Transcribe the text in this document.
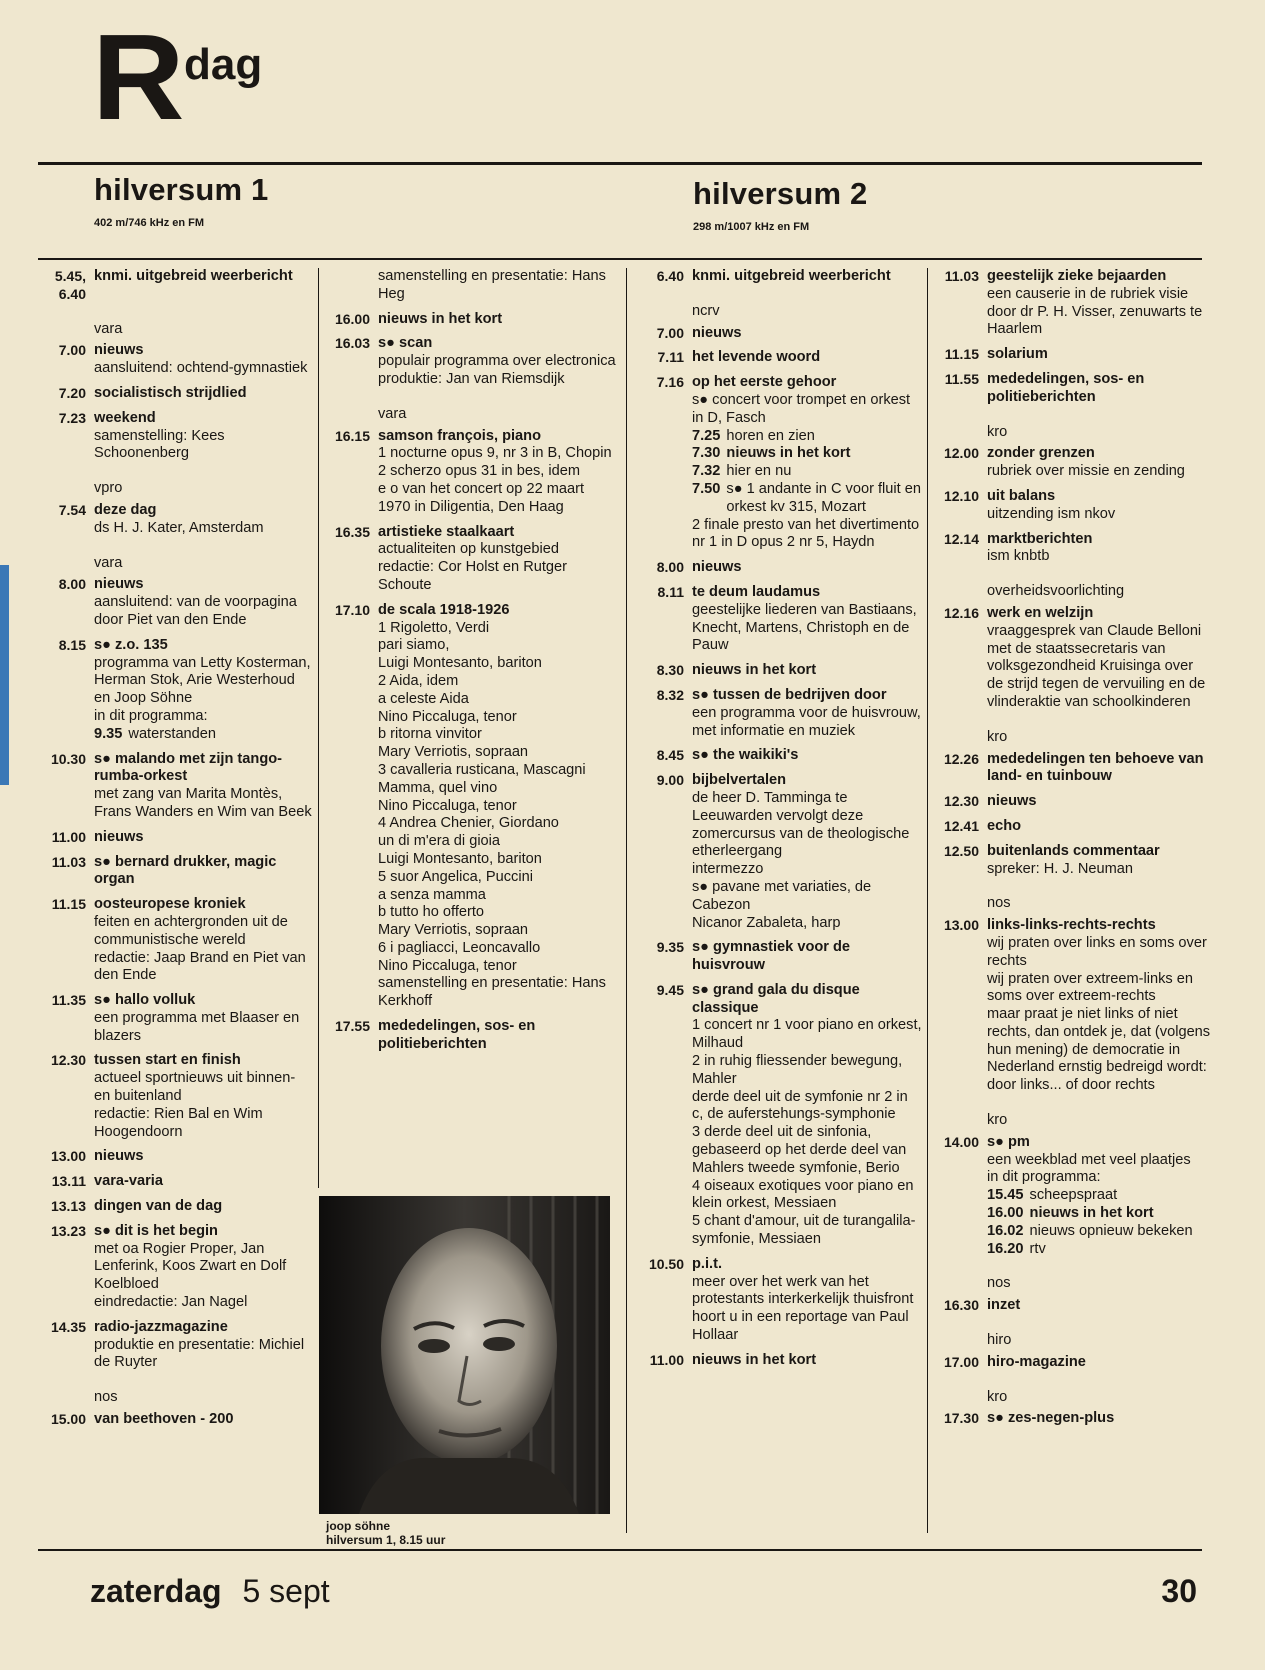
R dag
hilversum 1
402 m/746 kHz en FM
hilversum 2
298 m/1007 kHz en FM
5.45, 6.40
knmi. uitgebreid weerbericht
vara
7.00 nieuws
aansluitend: ochtend-gymnastiek
7.20 socialistisch strijdlied
7.23 weekend
samenstelling: Kees Schoonenberg
vpro
7.54 deze dag
ds H. J. Kater, Amsterdam
vara
8.00 nieuws
aansluitend: van de voorpagina door Piet van den Ende
8.15 s● z.o. 135
programma van Letty Kosterman, Herman Stok, Arie Westerhoud en Joop Söhne
in dit programma:
9.35 waterstanden
10.30 s● malando met zijn tango-rumba-orkest
met zang van Marita Montès, Frans Wanders en Wim van Beek
11.00 nieuws
11.03 s● bernard drukker, magic organ
11.15 oosteuropese kroniek
feiten en achtergronden uit de communistische wereld
redactie: Jaap Brand en Piet van den Ende
11.35 s● hallo volluk
een programma met Blaaser en blazers
12.30 tussen start en finish
actueel sportnieuws uit binnen- en buitenland
redactie: Rien Bal en Wim Hoogendoorn
13.00 nieuws
13.11 vara-varia
13.13 dingen van de dag
13.23 s● dit is het begin
met oa Rogier Proper, Jan Lenferink, Koos Zwart en Dolf Koelbloed
eindredactie: Jan Nagel
14.35 radio-jazzmagazine
produktie en presentatie: Michiel de Ruyter
nos
15.00 van beethoven - 200
samenstelling en presentatie: Hans Heg
16.00 nieuws in het kort
16.03 s● scan
populair programma over electronica
produktie: Jan van Riemsdijk
vara
16.15 samson françois, piano
1 nocturne opus 9, nr 3 in B, Chopin
2 scherzo opus 31 in bes, idem
e o van het concert op 22 maart 1970 in Diligentia, Den Haag
16.35 artistieke staalkaart
actualiteiten op kunstgebied
redactie: Cor Holst en Rutger Schoute
17.10 de scala 1918-1926
1 Rigoletto, Verdi
pari siamo,
Luigi Montesanto, bariton
2 Aida, idem
a celeste Aida
Nino Piccaluga, tenor
b ritorna vinvitor
Mary Verriotis, sopraan
3 cavalleria rusticana, Mascagni
Mamma, quel vino
Nino Piccaluga, tenor
4 Andrea Chenier, Giordano
un di m'era di gioia
Luigi Montesanto, bariton
5 suor Angelica, Puccini
a senza mamma
b tutto ho offerto
Mary Verriotis, sopraan
6 i pagliacci, Leoncavallo
Nino Piccaluga, tenor
samenstelling en presentatie: Hans Kerkhoff
17.55 mededelingen, sos- en politieberichten
6.40 knmi. uitgebreid weerbericht
ncrv
7.00 nieuws
7.11 het levende woord
7.16 op het eerste gehoor
s● concert voor trompet en orkest in D, Fasch
7.25 horen en zien
7.30 nieuws in het kort
7.32 hier en nu
7.50 s● 1 andante in C voor fluit en orkest kv 315, Mozart
2 finale presto van het divertimento nr 1 in D opus 2 nr 5, Haydn
8.00 nieuws
8.11 te deum laudamus
geestelijke liederen van Bastiaans, Knecht, Martens, Christoph en de Pauw
8.30 nieuws in het kort
8.32 s● tussen de bedrijven door
een programma voor de huisvrouw, met informatie en muziek
8.45 s● the waikiki's
9.00 bijbelvertalen
de heer D. Tamminga te Leeuwarden vervolgt deze zomercursus van de theologische etherleergang
intermezzo
s● pavane met variaties, de Cabezon
Nicanor Zabaleta, harp
9.35 s● gymnastiek voor de huisvrouw
9.45 s● grand gala du disque classique
1 concert nr 1 voor piano en orkest, Milhaud
2 in ruhig fliessender bewegung, Mahler
derde deel uit de symfonie nr 2 in c, de auferstehungs-symphonie
3 derde deel uit de sinfonia, gebaseerd op het derde deel van Mahlers tweede symfonie, Berio
4 oiseaux exotiques voor piano en klein orkest, Messiaen
5 chant d'amour, uit de turangalila-symfonie, Messiaen
10.50 p.i.t.
meer over het werk van het protestants interkerkelijk thuisfront hoort u in een reportage van Paul Hollaar
11.00 nieuws in het kort
11.03 geestelijk zieke bejaarden
een causerie in de rubriek visie door dr P. H. Visser, zenuwarts te Haarlem
11.15 solarium
11.55 mededelingen, sos- en politieberichten
kro
12.00 zonder grenzen
rubriek over missie en zending
12.10 uit balans
uitzending ism nkov
12.14 marktberichten
ism knbtb
overheidsvoorlichting
12.16 werk en welzijn
vraaggesprek van Claude Belloni met de staatssecretaris van volksgezondheid Kruisinga over de strijd tegen de vervuiling en de vlinderaktie van schoolkinderen
kro
12.26 mededelingen ten behoeve van land- en tuinbouw
12.30 nieuws
12.41 echo
12.50 buitenlands commentaar
spreker: H. J. Neuman
nos
13.00 links-links-rechts-rechts
wij praten over links en soms over rechts
wij praten over extreem-links en soms over extreem-rechts
maar praat je niet links of niet rechts, dan ontdek je, dat (volgens hun mening) de democratie in Nederland ernstig bedreigd wordt: door links... of door rechts
kro
14.00 s● pm
een weekblad met veel plaatjes
in dit programma:
15.45 scheepspraat
16.00 nieuws in het kort
16.02 nieuws opnieuw bekeken
16.20 rtv
nos
16.30 inzet
hiro
17.00 hiro-magazine
kro
17.30 s● zes-negen-plus
joop söhne
hilversum 1, 8.15 uur
zaterdag 5 sept	30
